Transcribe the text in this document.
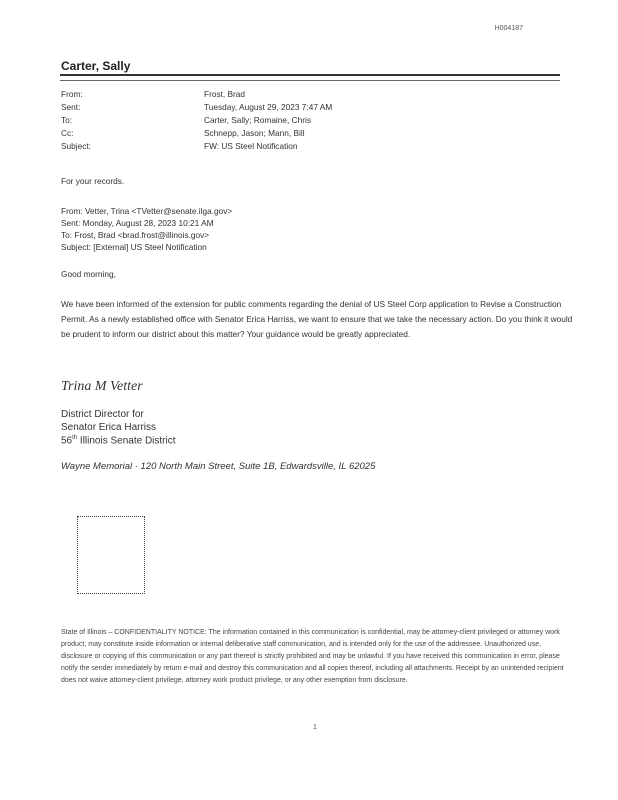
H004187
Carter, Sally
From:	Frost, Brad
Sent:	Tuesday, August 29, 2023 7:47 AM
To:	Carter, Sally; Romaine, Chris
Cc:	Schnepp, Jason; Mann, Bill
Subject:	FW: US Steel Notification
For your records.
From: Vetter, Trina <TVetter@senate.ilga.gov>
Sent: Monday, August 28, 2023 10:21 AM
To: Frost, Brad <brad.frost@illinois.gov>
Subject: [External] US Steel Notification
Good morning,
We have been informed of the extension for public comments regarding the denial of US Steel Corp application to Revise a Construction Permit. As a newly established office with Senator Erica Harriss, we want to ensure that we take the necessary action. Do you think it would be prudent to inform our district about this matter? Your guidance would be greatly appreciated.
Trina M Vetter
District Director for
Senator Erica Harriss
56th Illinois Senate District
Wayne Memorial · 120 North Main Street, Suite 1B, Edwardsville, IL 62025
State of Illinois – CONFIDENTIALITY NOTICE: The information contained in this communication is confidential, may be attorney-client privileged or attorney work product, may constitute inside information or internal deliberative staff communication, and is intended only for the use of the addressee. Unauthorized use, disclosure or copying of this communication or any part thereof is strictly prohibited and may be unlawful. If you have received this communication in error, please notify the sender immediately by return e-mail and destroy this communication and all copies thereof, including all attachments. Receipt by an unintended recipient does not waive attorney-client privilege, attorney work product privilege, or any other exemption from disclosure.
1
